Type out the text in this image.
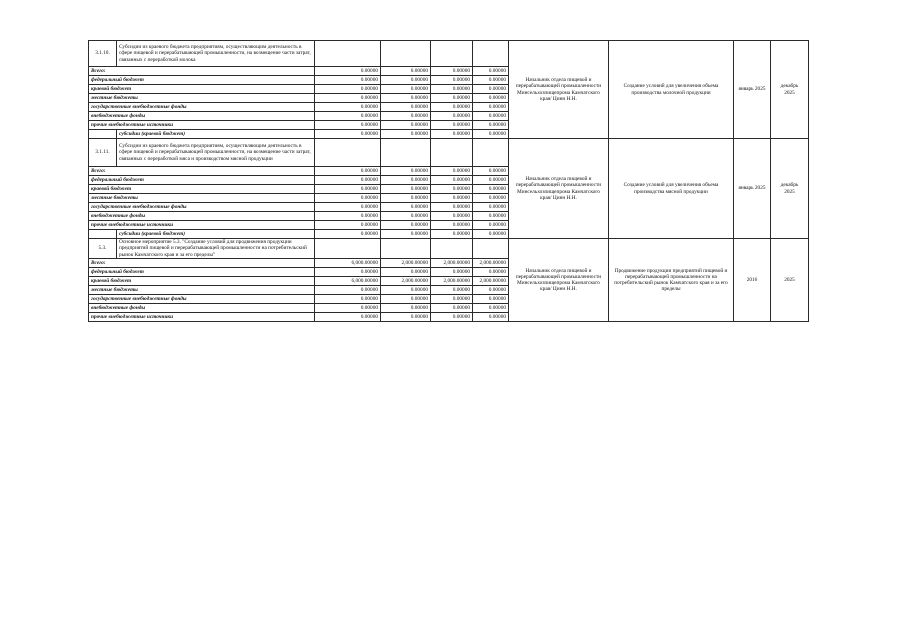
3.1.10.	Субсидии из краевого бюджета предприятиям, осуществляющим деятельность в сфере пищевой и перерабатывающей промышленности, на возмещение части затрат, связанных с переработкой молока					Начальник отдела пищевой и перерабатывающей промышленности Минсельхозпищепрома Камчатского края/ Цинн Н.Н.	Создание условий для увеличения объема производства молочной продукции	январь 2025	декабрь 2025
Всего:		0.00000	0.00000	0.00000	0.00000				
федеральный бюджет		0.00000	0.00000	0.00000	0.00000				
краевой бюджет		0.00000	0.00000	0.00000	0.00000				
местные бюджеты		0.00000	0.00000	0.00000	0.00000				
государственные внебюджетные фонды		0.00000	0.00000	0.00000	0.00000				
внебюджетные фонды		0.00000	0.00000	0.00000	0.00000				
прочие внебюджетные источники		0.00000	0.00000	0.00000	0.00000				
	субсидии (краевой бюджет)	0.00000	0.00000	0.00000	0.00000				
3.1.11.	Субсидии из краевого бюджета предприятиям, осуществляющим деятельность в сфере пищевой и перерабатывающей промышленности, на возмещение части затрат, связанных с переработкой мяса и производством мясной продукции					Начальник отдела пищевой и перерабатывающей промышленности Минсельхозпищепрома Камчатского края/ Цинн Н.Н.	Создание условий для увеличения объема производства мясной продукции	январь 2025	декабрь 2025
Всего:		0.00000	0.00000	0.00000	0.00000				
федеральный бюджет		0.00000	0.00000	0.00000	0.00000				
краевой бюджет		0.00000	0.00000	0.00000	0.00000				
местные бюджеты		0.00000	0.00000	0.00000	0.00000				
государственные внебюджетные фонды		0.00000	0.00000	0.00000	0.00000				
внебюджетные фонды		0.00000	0.00000	0.00000	0.00000				
прочие внебюджетные источники		0.00000	0.00000	0.00000	0.00000				
	субсидии (краевой бюджет)	0.00000	0.00000	0.00000	0.00000				
5.3.	Основное мероприятие 5.3. "Создание условий для продвижения продукции предприятий пищевой и перерабатывающей промышленности на потребительский рынок Камчатского края и за его пределы"					Начальник отдела пищевой и перерабатывающей промышленности Минсельхозпищепрома Камчатского края/ Цинн Н.Н.	Продвижение продукции предприятий пищевой и перерабатывающей промышленности на потребительский рынок Камчатского края и за его пределы	2016	2025
Всего:		6,000.00000	2,000.00000	2,000.00000	2,000.00000				
федеральный бюджет		0.00000	0.00000	0.00000	0.00000				
краевой бюджет		6,000.00000	2,000.00000	2,000.00000	2,000.00000				
местные бюджеты		0.00000	0.00000	0.00000	0.00000				
государственные внебюджетные фонды		0.00000	0.00000	0.00000	0.00000				
внебюджетные фонды		0.00000	0.00000	0.00000	0.00000				
прочие внебюджетные источники		0.00000	0.00000	0.00000	0.00000				
